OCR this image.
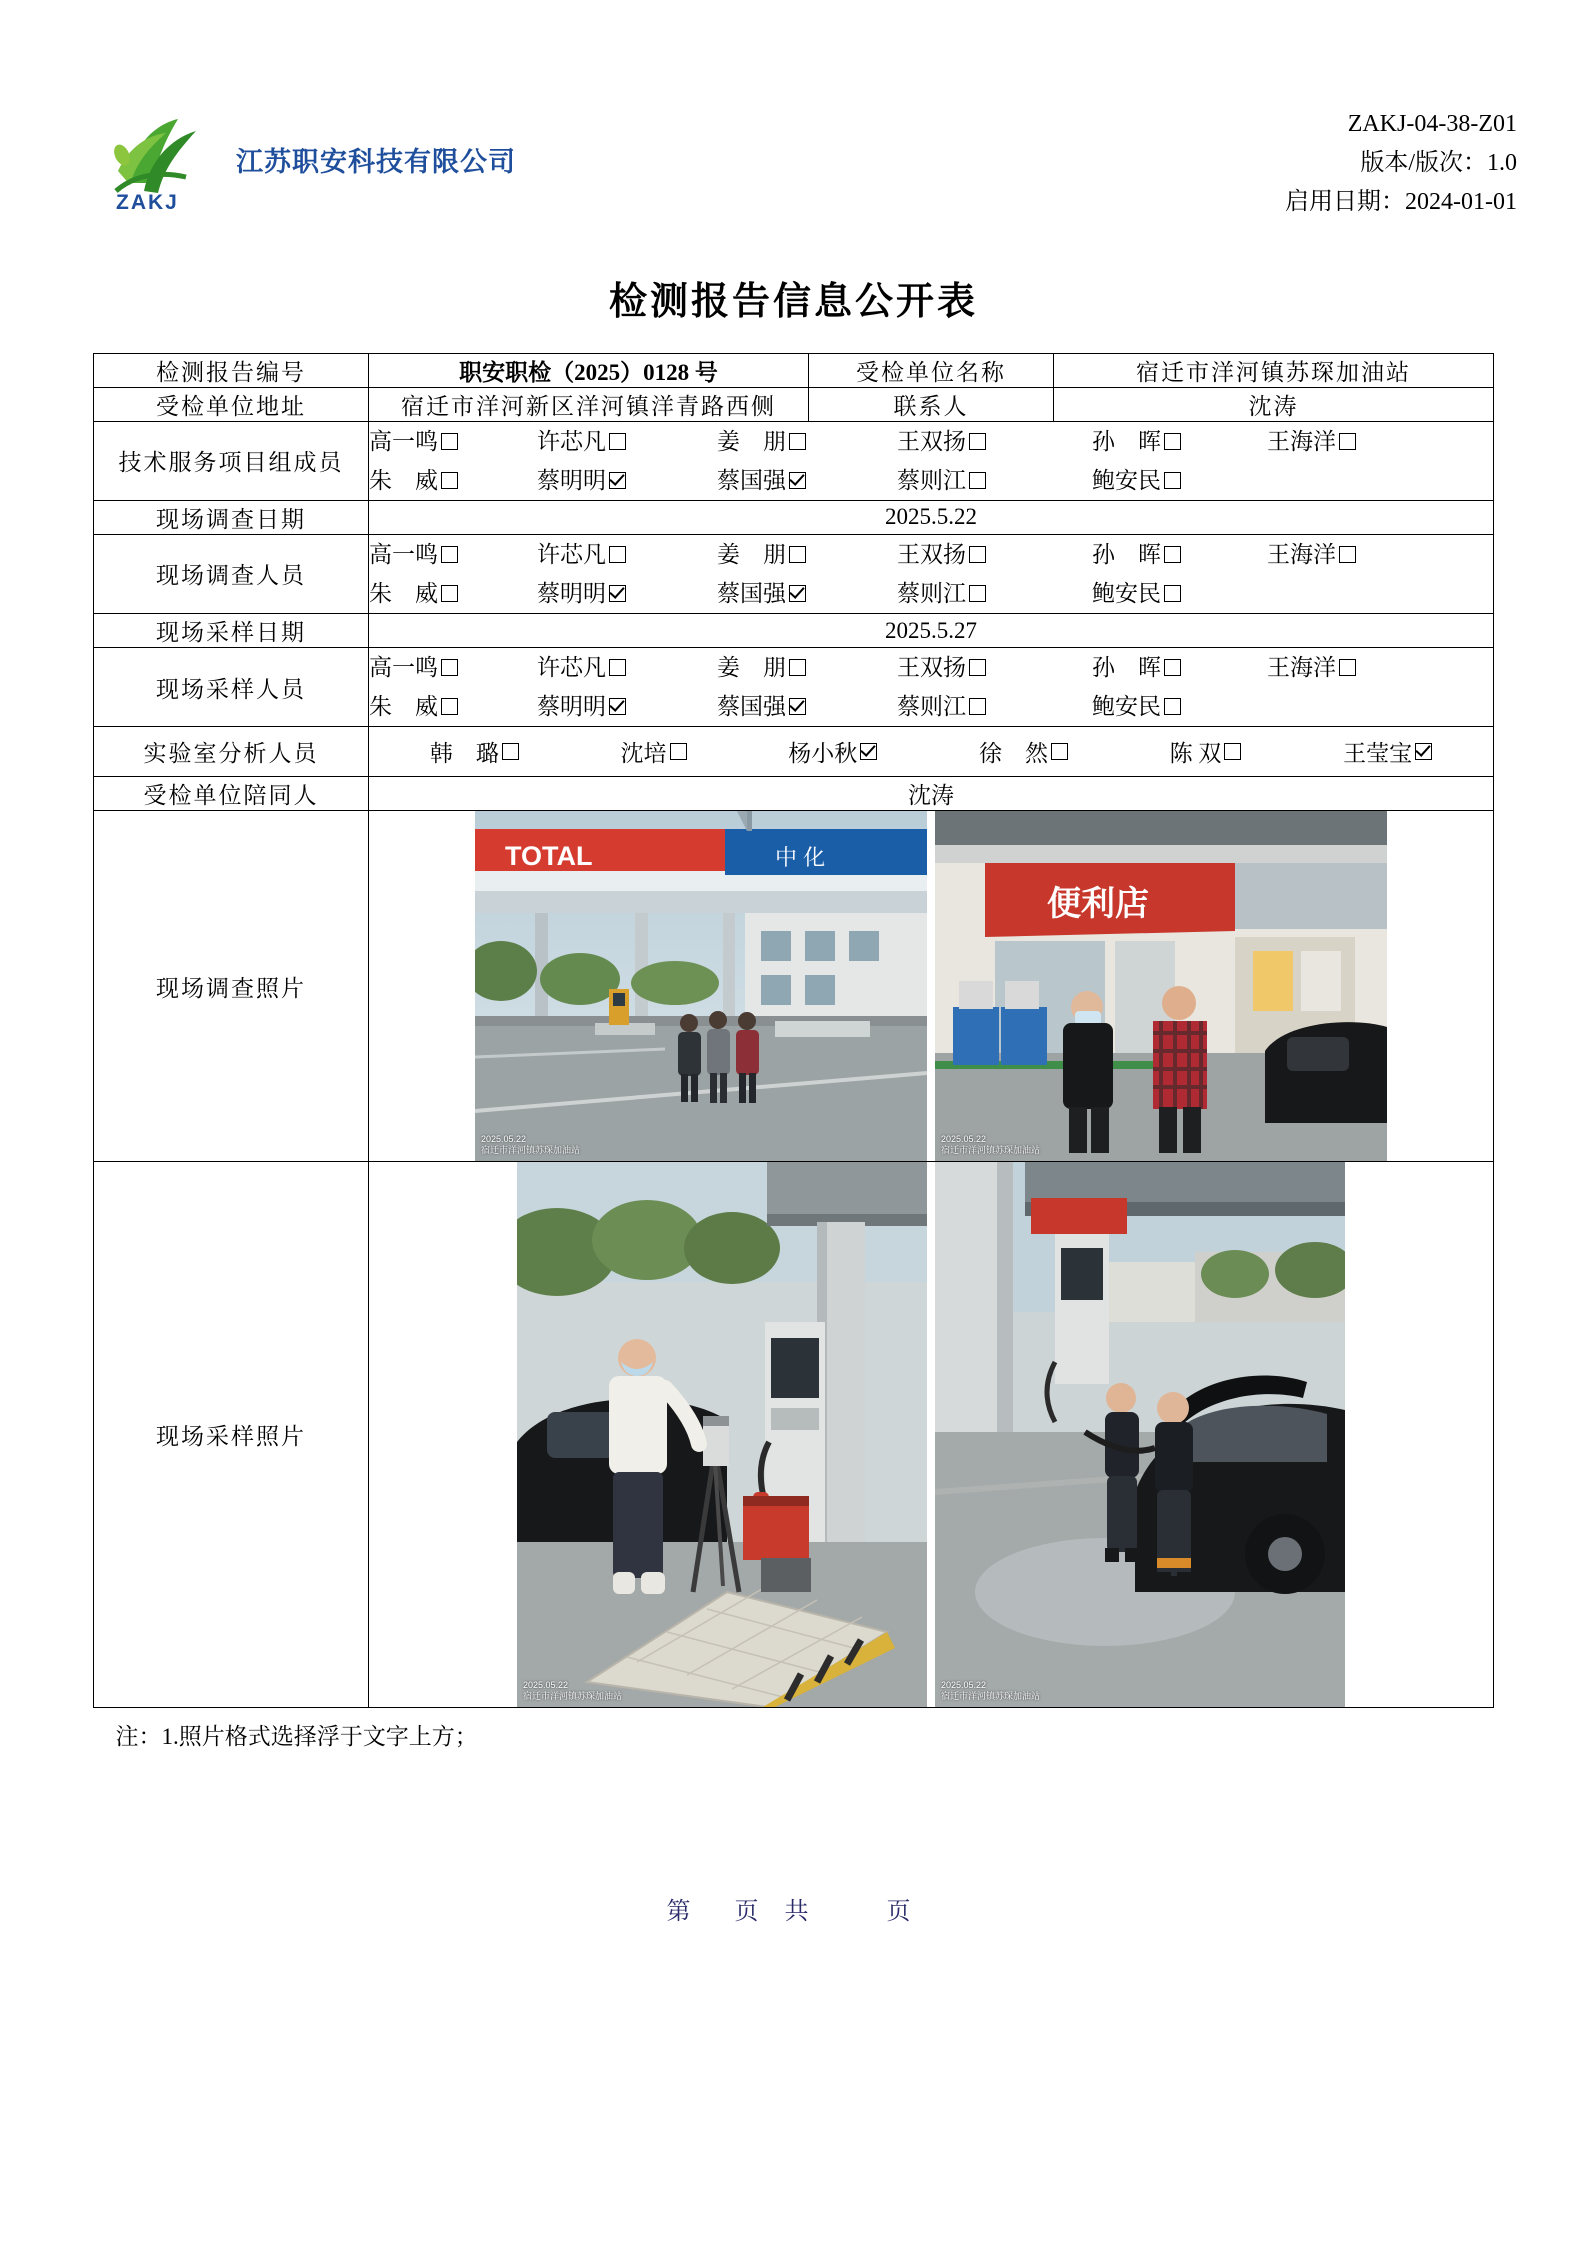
ZAKJ
江苏职安科技有限公司
ZAKJ-04-38-Z01
版本/版次：1.0
启用日期：2024-01-01
检测报告信息公开表
检测报告编号	职安职检（2025）0128 号	受检单位名称	宿迁市洋河镇苏琛加油站
受检单位地址	宿迁市洋河新区洋河镇洋青路西侧	联系人	沈涛
技术服务项目组成员	
高一鸣	许芯凡	姜　朋	王双扬	孙　晖	王海洋
朱　威	蔡明明	蔡国强	蔡则江	鲍安民

现场调查日期	2025.5.22		
现场调查人员	
高一鸣	许芯凡	姜　朋	王双扬	孙　晖	王海洋
朱　威	蔡明明	蔡国强	蔡则江	鲍安民

现场采样日期	2025.5.27		
现场采样人员	
高一鸣	许芯凡	姜　朋	王双扬	孙　晖	王海洋
朱　威	蔡明明	蔡国强	蔡则江	鲍安民

实验室分析人员	韩　璐	沈培	杨小秋	徐　然	陈 双	王莹宝

受检单位陪同人	沈涛		
现场调查照片	
TOTAL	中 化
2025.05.22
宿迁市洋河镇苏琛加油站
便利店
2025.05.22
宿迁市洋河镇苏琛加油站

现场采样照片	2025.05.22
宿迁市洋河镇苏琛加油站
2025.05.22
宿迁市洋河镇苏琛加油站		
注：1.照片格式选择浮于文字上方；
第　页 共　　页
